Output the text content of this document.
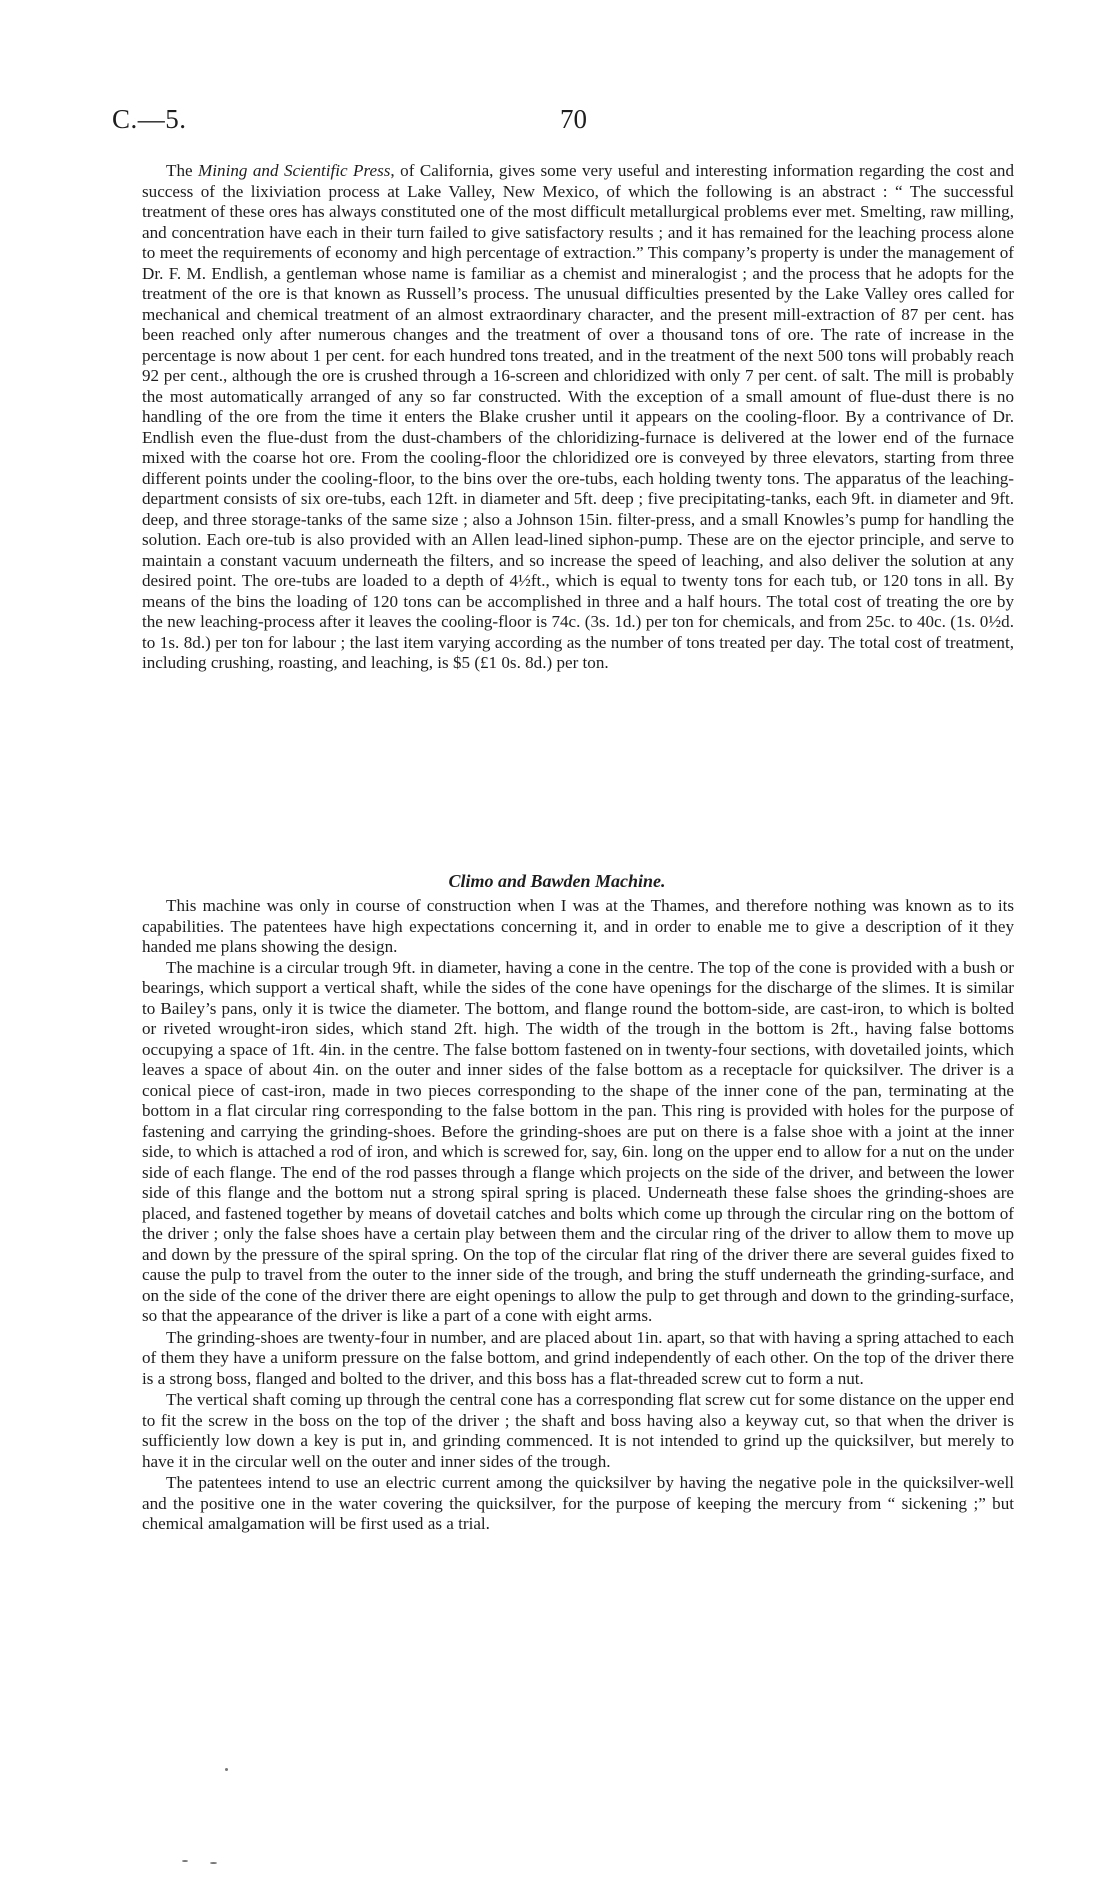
C.—5.	70

The Mining and Scientific Press, of California, gives some very useful and interesting information regarding the cost and success of the lixiviation process at Lake Valley, New Mexico, of which the following is an abstract : “ The successful treatment of these ores has always constituted one of the most difficult metallurgical problems ever met. Smelting, raw milling, and concentration have each in their turn failed to give satisfactory results ; and it has remained for the leaching process alone to meet the requirements of economy and high percentage of extraction.” This company’s property is under the management of Dr. F. M. Endlish, a gentleman whose name is familiar as a chemist and mineralogist ; and the process that he adopts for the treatment of the ore is that known as Russell’s process. The unusual difficulties presented by the Lake Valley ores called for mechanical and chemical treatment of an almost extraordinary character, and the present mill-extraction of 87 per cent. has been reached only after numerous changes and the treatment of over a thousand tons of ore. The rate of increase in the percentage is now about 1 per cent. for each hundred tons treated, and in the treatment of the next 500 tons will probably reach 92 per cent., although the ore is crushed through a 16-screen and chloridized with only 7 per cent. of salt. The mill is probably the most automatically arranged of any so far constructed. With the exception of a small amount of flue-dust there is no handling of the ore from the time it enters the Blake crusher until it appears on the cooling-floor. By a contrivance of Dr. Endlish even the flue-dust from the dust-chambers of the chloridizing-furnace is delivered at the lower end of the furnace mixed with the coarse hot ore. From the cooling-floor the chloridized ore is conveyed by three elevators, starting from three different points under the cooling-floor, to the bins over the ore-tubs, each holding twenty tons. The apparatus of the leaching-department consists of six ore-tubs, each 12ft. in diameter and 5ft. deep ; five precipitating-tanks, each 9ft. in diameter and 9ft. deep, and three storage-tanks of the same size ; also a Johnson 15in. filter-press, and a small Knowles’s pump for handling the solution. Each ore-tub is also provided with an Allen lead-lined siphon-pump. These are on the ejector principle, and serve to maintain a constant vacuum underneath the filters, and so increase the speed of leaching, and also deliver the solution at any desired point. The ore-tubs are loaded to a depth of 4½ft., which is equal to twenty tons for each tub, or 120 tons in all. By means of the bins the loading of 120 tons can be accomplished in three and a half hours. The total cost of treating the ore by the new leaching-process after it leaves the cooling-floor is 74c. (3s. 1d.) per ton for chemicals, and from 25c. to 40c. (1s. 0½d. to 1s. 8d.) per ton for labour ; the last item varying according as the number of tons treated per day. The total cost of treatment, including crushing, roasting, and leaching, is $5 (£1 0s. 8d.) per ton.

Climo and Bawden Machine.

This machine was only in course of construction when I was at the Thames, and therefore nothing was known as to its capabilities. The patentees have high expectations concerning it, and in order to enable me to give a description of it they handed me plans showing the design.

The machine is a circular trough 9ft. in diameter, having a cone in the centre. The top of the cone is provided with a bush or bearings, which support a vertical shaft, while the sides of the cone have openings for the discharge of the slimes. It is similar to Bailey’s pans, only it is twice the diameter. The bottom, and flange round the bottom-side, are cast-iron, to which is bolted or riveted wrought-iron sides, which stand 2ft. high. The width of the trough in the bottom is 2ft., having false bottoms occupying a space of 1ft. 4in. in the centre. The false bottom fastened on in twenty-four sections, with dovetailed joints, which leaves a space of about 4in. on the outer and inner sides of the false bottom as a receptacle for quicksilver. The driver is a conical piece of cast-iron, made in two pieces corresponding to the shape of the inner cone of the pan, terminating at the bottom in a flat circular ring corresponding to the false bottom in the pan. This ring is provided with holes for the purpose of fastening and carrying the grinding-shoes. Before the grinding-shoes are put on there is a false shoe with a joint at the inner side, to which is attached a rod of iron, and which is screwed for, say, 6in. long on the upper end to allow for a nut on the under side of each flange. The end of the rod passes through a flange which projects on the side of the driver, and between the lower side of this flange and the bottom nut a strong spiral spring is placed. Underneath these false shoes the grinding-shoes are placed, and fastened together by means of dovetail catches and bolts which come up through the circular ring on the bottom of the driver ; only the false shoes have a certain play between them and the circular ring of the driver to allow them to move up and down by the pressure of the spiral spring. On the top of the circular flat ring of the driver there are several guides fixed to cause the pulp to travel from the outer to the inner side of the trough, and bring the stuff underneath the grinding-surface, and on the side of the cone of the driver there are eight openings to allow the pulp to get through and down to the grinding-surface, so that the appearance of the driver is like a part of a cone with eight arms.

The grinding-shoes are twenty-four in number, and are placed about 1in. apart, so that with having a spring attached to each of them they have a uniform pressure on the false bottom, and grind independently of each other. On the top of the driver there is a strong boss, flanged and bolted to the driver, and this boss has a flat-threaded screw cut to form a nut.

The vertical shaft coming up through the central cone has a corresponding flat screw cut for some distance on the upper end to fit the screw in the boss on the top of the driver ; the shaft and boss having also a keyway cut, so that when the driver is sufficiently low down a key is put in, and grinding commenced. It is not intended to grind up the quicksilver, but merely to have it in the circular well on the outer and inner sides of the trough.

The patentees intend to use an electric current among the quicksilver by having the negative pole in the quicksilver-well and the positive one in the water covering the quicksilver, for the purpose of keeping the mercury from “ sickening ;” but chemical amalgamation will be first used as a trial.
